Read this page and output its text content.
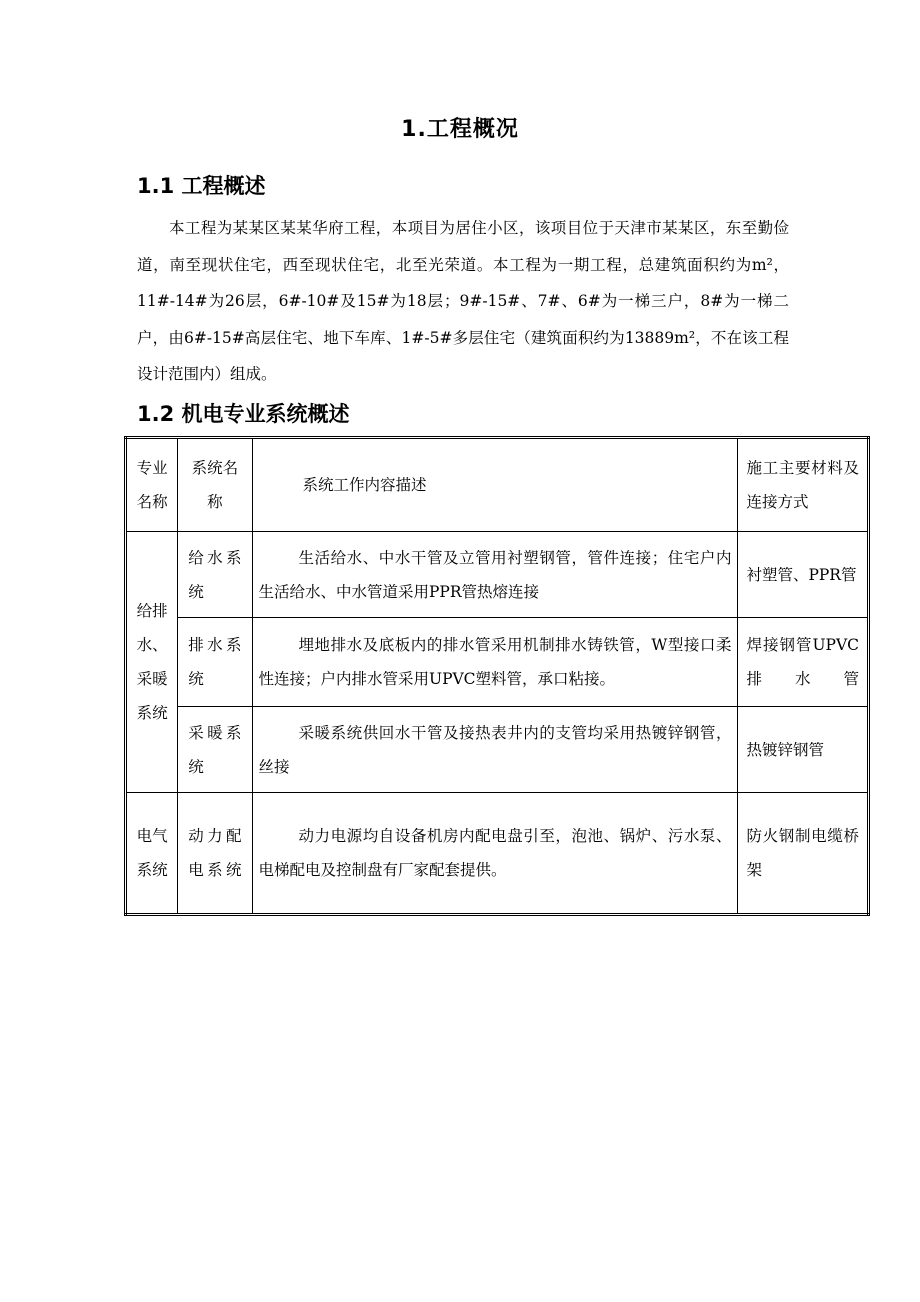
1.工程概况
1.1 工程概述

本工程为某某区某某华府工程，本项目为居住小区，该项目位于天津市某某区，东至勤俭道，南至现状住宅，西至现状住宅，北至光荣道。本工程为一期工程，总建筑面积约为m²， 11#-14#为26层，6#-10#及15#为18层；9#-15#、7#、6#为一梯三户，8#为一梯二户，由6#-15#高层住宅、地下车库、1#-5#多层住宅（建筑面积约为13889m²，不在该工程设计范围内）组成。

1.2 机电专业系统概述
专业名称	系统名称	系统工作内容描述	施工主要材料及连接方式

给排水、采暖系统	给水系统	生活给水、中水干管及立管用衬塑钢管，管件连接；住宅户内生活给水、中水管道采用PPR管热熔连接	衬塑管、PPR管

	排水系统	埋地排水及底板内的排水管采用机制排水铸铁管，W型接口柔性连接；户内排水管采用UPVC塑料管，承口粘接。	焊接钢管UPVC排水管

	采暖系统	采暖系统供回水干管及接热表井内的支管均采用热镀锌钢管，丝接	热镀锌钢管

电气系统	动力配电系统	动力电源均自设备机房内配电盘引至，泡池、锅炉、污水泵、电梯配电及控制盘有厂家配套提供。	防火钢制电缆桥架
